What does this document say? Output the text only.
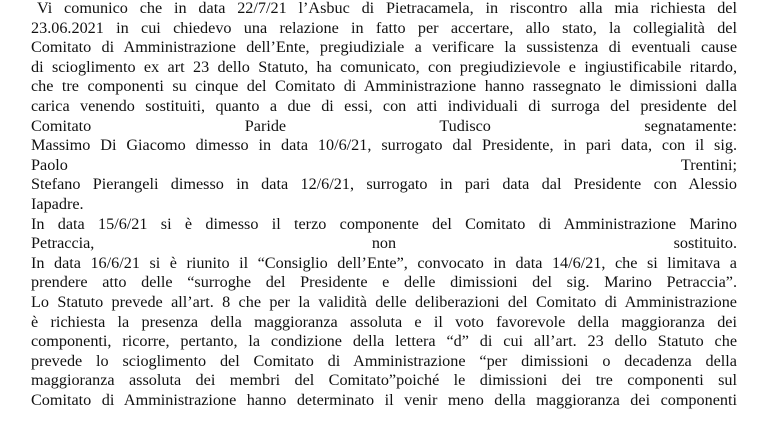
Vi comunico che in data 22/7/21 l’Asbuc di Pietracamela, in riscontro alla mia richiesta del
23.06.2021 in cui chiedevo una relazione in fatto per accertare, allo stato, la collegialità del
Comitato di Amministrazione dell’Ente, pregiudiziale a verificare la sussistenza di eventuali cause
di scioglimento ex art 23 dello Statuto, ha comunicato, con pregiudizievole e ingiustificabile ritardo,
che tre componenti su cinque del Comitato di Amministrazione hanno rassegnato le dimissioni dalla
carica venendo sostituiti, quanto a due di essi, con atti individuali di surroga del presidente del
Comitato Paride Tudisco segnatamente:
Massimo Di Giacomo dimesso in data 10/6/21, surrogato dal Presidente, in pari data, con il sig.
Paolo Trentini;
Stefano Pierangeli dimesso in data 12/6/21, surrogato in pari data dal Presidente con Alessio
Iapadre.
In data 15/6/21 si è dimesso il terzo componente del Comitato di Amministrazione Marino
Petraccia, non sostituito.
In data 16/6/21 si è riunito il “Consiglio dell’Ente”, convocato in data 14/6/21, che si limitava a
prendere atto delle “surroghe del Presidente e delle dimissioni del sig. Marino Petraccia”.
Lo Statuto prevede all’art. 8 che per la validità delle deliberazioni del Comitato di Amministrazione
è richiesta la presenza della maggioranza assoluta e il voto favorevole della maggioranza dei
componenti, ricorre, pertanto, la condizione della lettera “d” di cui all’art. 23 dello Statuto che
prevede lo scioglimento del Comitato di Amministrazione “per dimissioni o decadenza della
maggioranza assoluta dei membri del Comitato”poiché le dimissioni dei tre componenti sul
Comitato di Amministrazione hanno determinato il venir meno della maggioranza dei componenti
